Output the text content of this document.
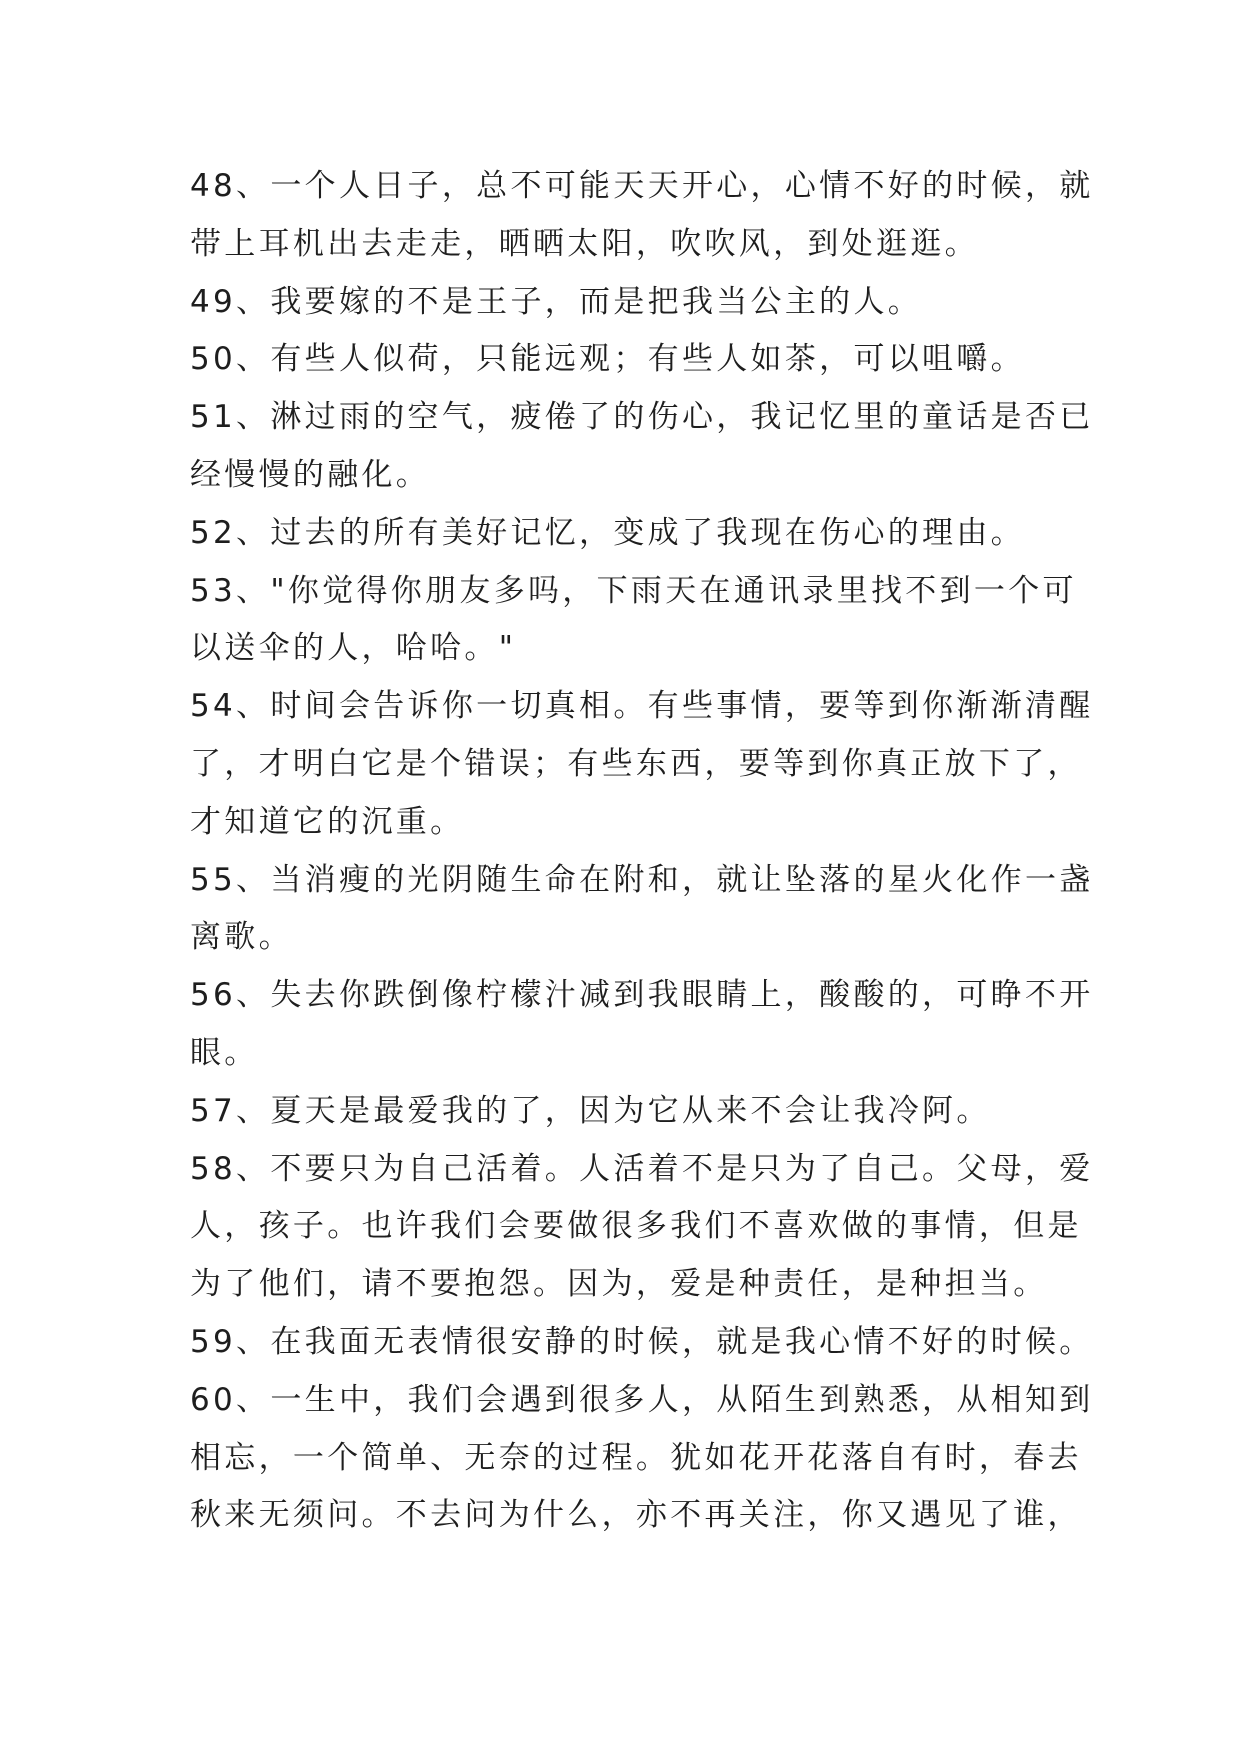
48、一个人日子，总不可能天天开心，心情不好的时候，就
带上耳机出去走走，晒晒太阳，吹吹风，到处逛逛。
49、我要嫁的不是王子，而是把我当公主的人。
50、有些人似荷，只能远观；有些人如茶，可以咀嚼。
51、淋过雨的空气，疲倦了的伤心，我记忆里的童话是否已
经慢慢的融化。
52、过去的所有美好记忆，变成了我现在伤心的理由。
53、"你觉得你朋友多吗，下雨天在通讯录里找不到一个可
以送伞的人，哈哈。"
54、时间会告诉你一切真相。有些事情，要等到你渐渐清醒
了，才明白它是个错误；有些东西，要等到你真正放下了，
才知道它的沉重。
55、当消瘦的光阴随生命在附和，就让坠落的星火化作一盏
离歌。
56、失去你跌倒像柠檬汁减到我眼睛上，酸酸的，可睁不开
眼。
57、夏天是最爱我的了，因为它从来不会让我冷阿。
58、不要只为自己活着。人活着不是只为了自己。父母，爱
人，孩子。也许我们会要做很多我们不喜欢做的事情，但是
为了他们，请不要抱怨。因为，爱是种责任，是种担当。
59、在我面无表情很安静的时候，就是我心情不好的时候。
60、一生中，我们会遇到很多人，从陌生到熟悉，从相知到
相忘，一个简单、无奈的过程。犹如花开花落自有时，春去
秋来无须问。不去问为什么，亦不再关注，你又遇见了谁，
